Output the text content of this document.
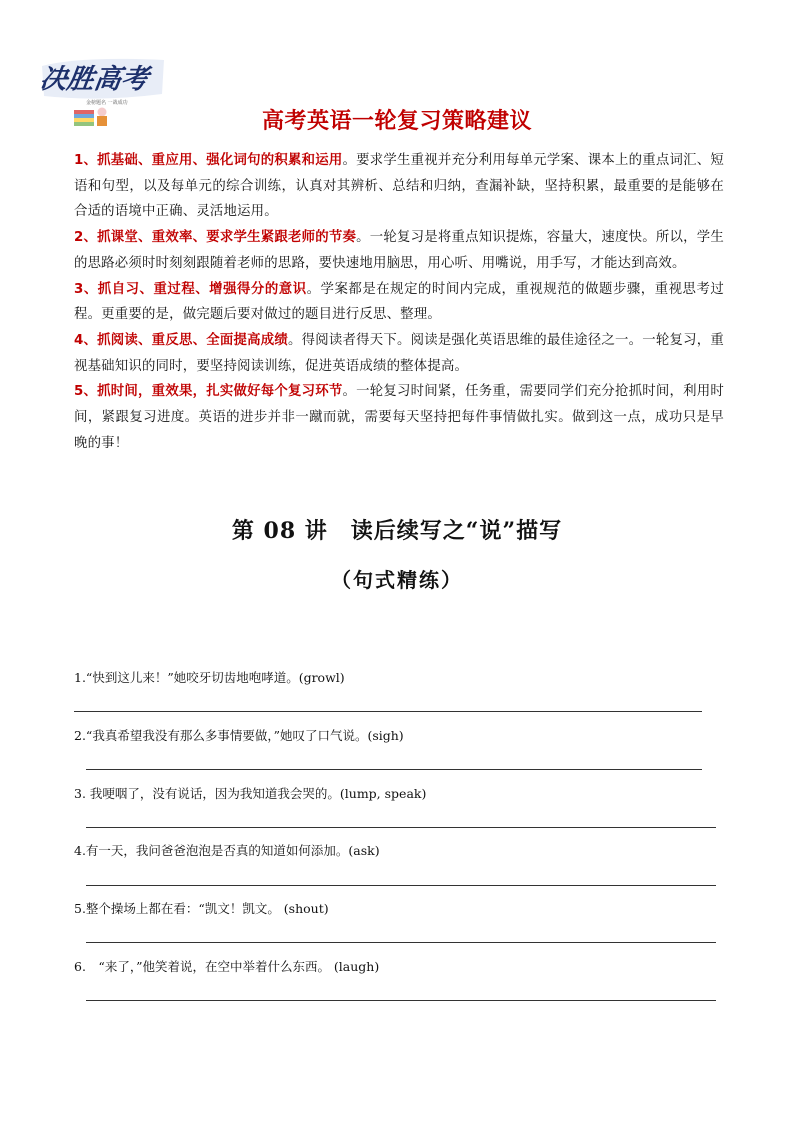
决胜高考
金榜题名 一战成功
高考英语一轮复习策略建议

1、抓基础、重应用、强化词句的积累和运用。要求学生重视并充分利用每单元学案、课本上的重点词汇、短语和句型，以及每单元的综合训练，认真对其辨析、总结和归纳，查漏补缺，坚持积累，最重要的是能够在合适的语境中正确、灵活地运用。

2、抓课堂、重效率、要求学生紧跟老师的节奏。一轮复习是将重点知识提炼，容量大，速度快。所以，学生的思路必须时时刻刻跟随着老师的思路，要快速地用脑思，用心听、用嘴说，用手写，才能达到高效。

3、抓自习、重过程、增强得分的意识。学案都是在规定的时间内完成，重视规范的做题步骤，重视思考过程。更重要的是，做完题后要对做过的题目进行反思、整理。

4、抓阅读、重反思、全面提高成绩。得阅读者得天下。阅读是强化英语思维的最佳途径之一。一轮复习，重视基础知识的同时，要坚持阅读训练，促进英语成绩的整体提高。

5、抓时间，重效果，扎实做好每个复习环节。一轮复习时间紧，任务重，需要同学们充分抢抓时间，利用时间，紧跟复习进度。英语的进步并非一蹴而就，需要每天坚持把每件事情做扎实。做到这一点，成功只是早晚的事！

第 08 讲　读后续写之“说”描写
（句式精练）

1.“快到这儿来！”她咬牙切齿地咆哮道。(growl)

2.“我真希望我没有那么多事情要做，”她叹了口气说。(sigh)

3. 我哽咽了，没有说话，因为我知道我会哭的。(lump, speak)

4.有一天，我问爸爸泡泡是否真的知道如何添加。(ask)

5.整个操场上都在看：“凯文！凯文。 (shout)

6.　“来了，”他笑着说，在空中举着什么东西。 (laugh)
